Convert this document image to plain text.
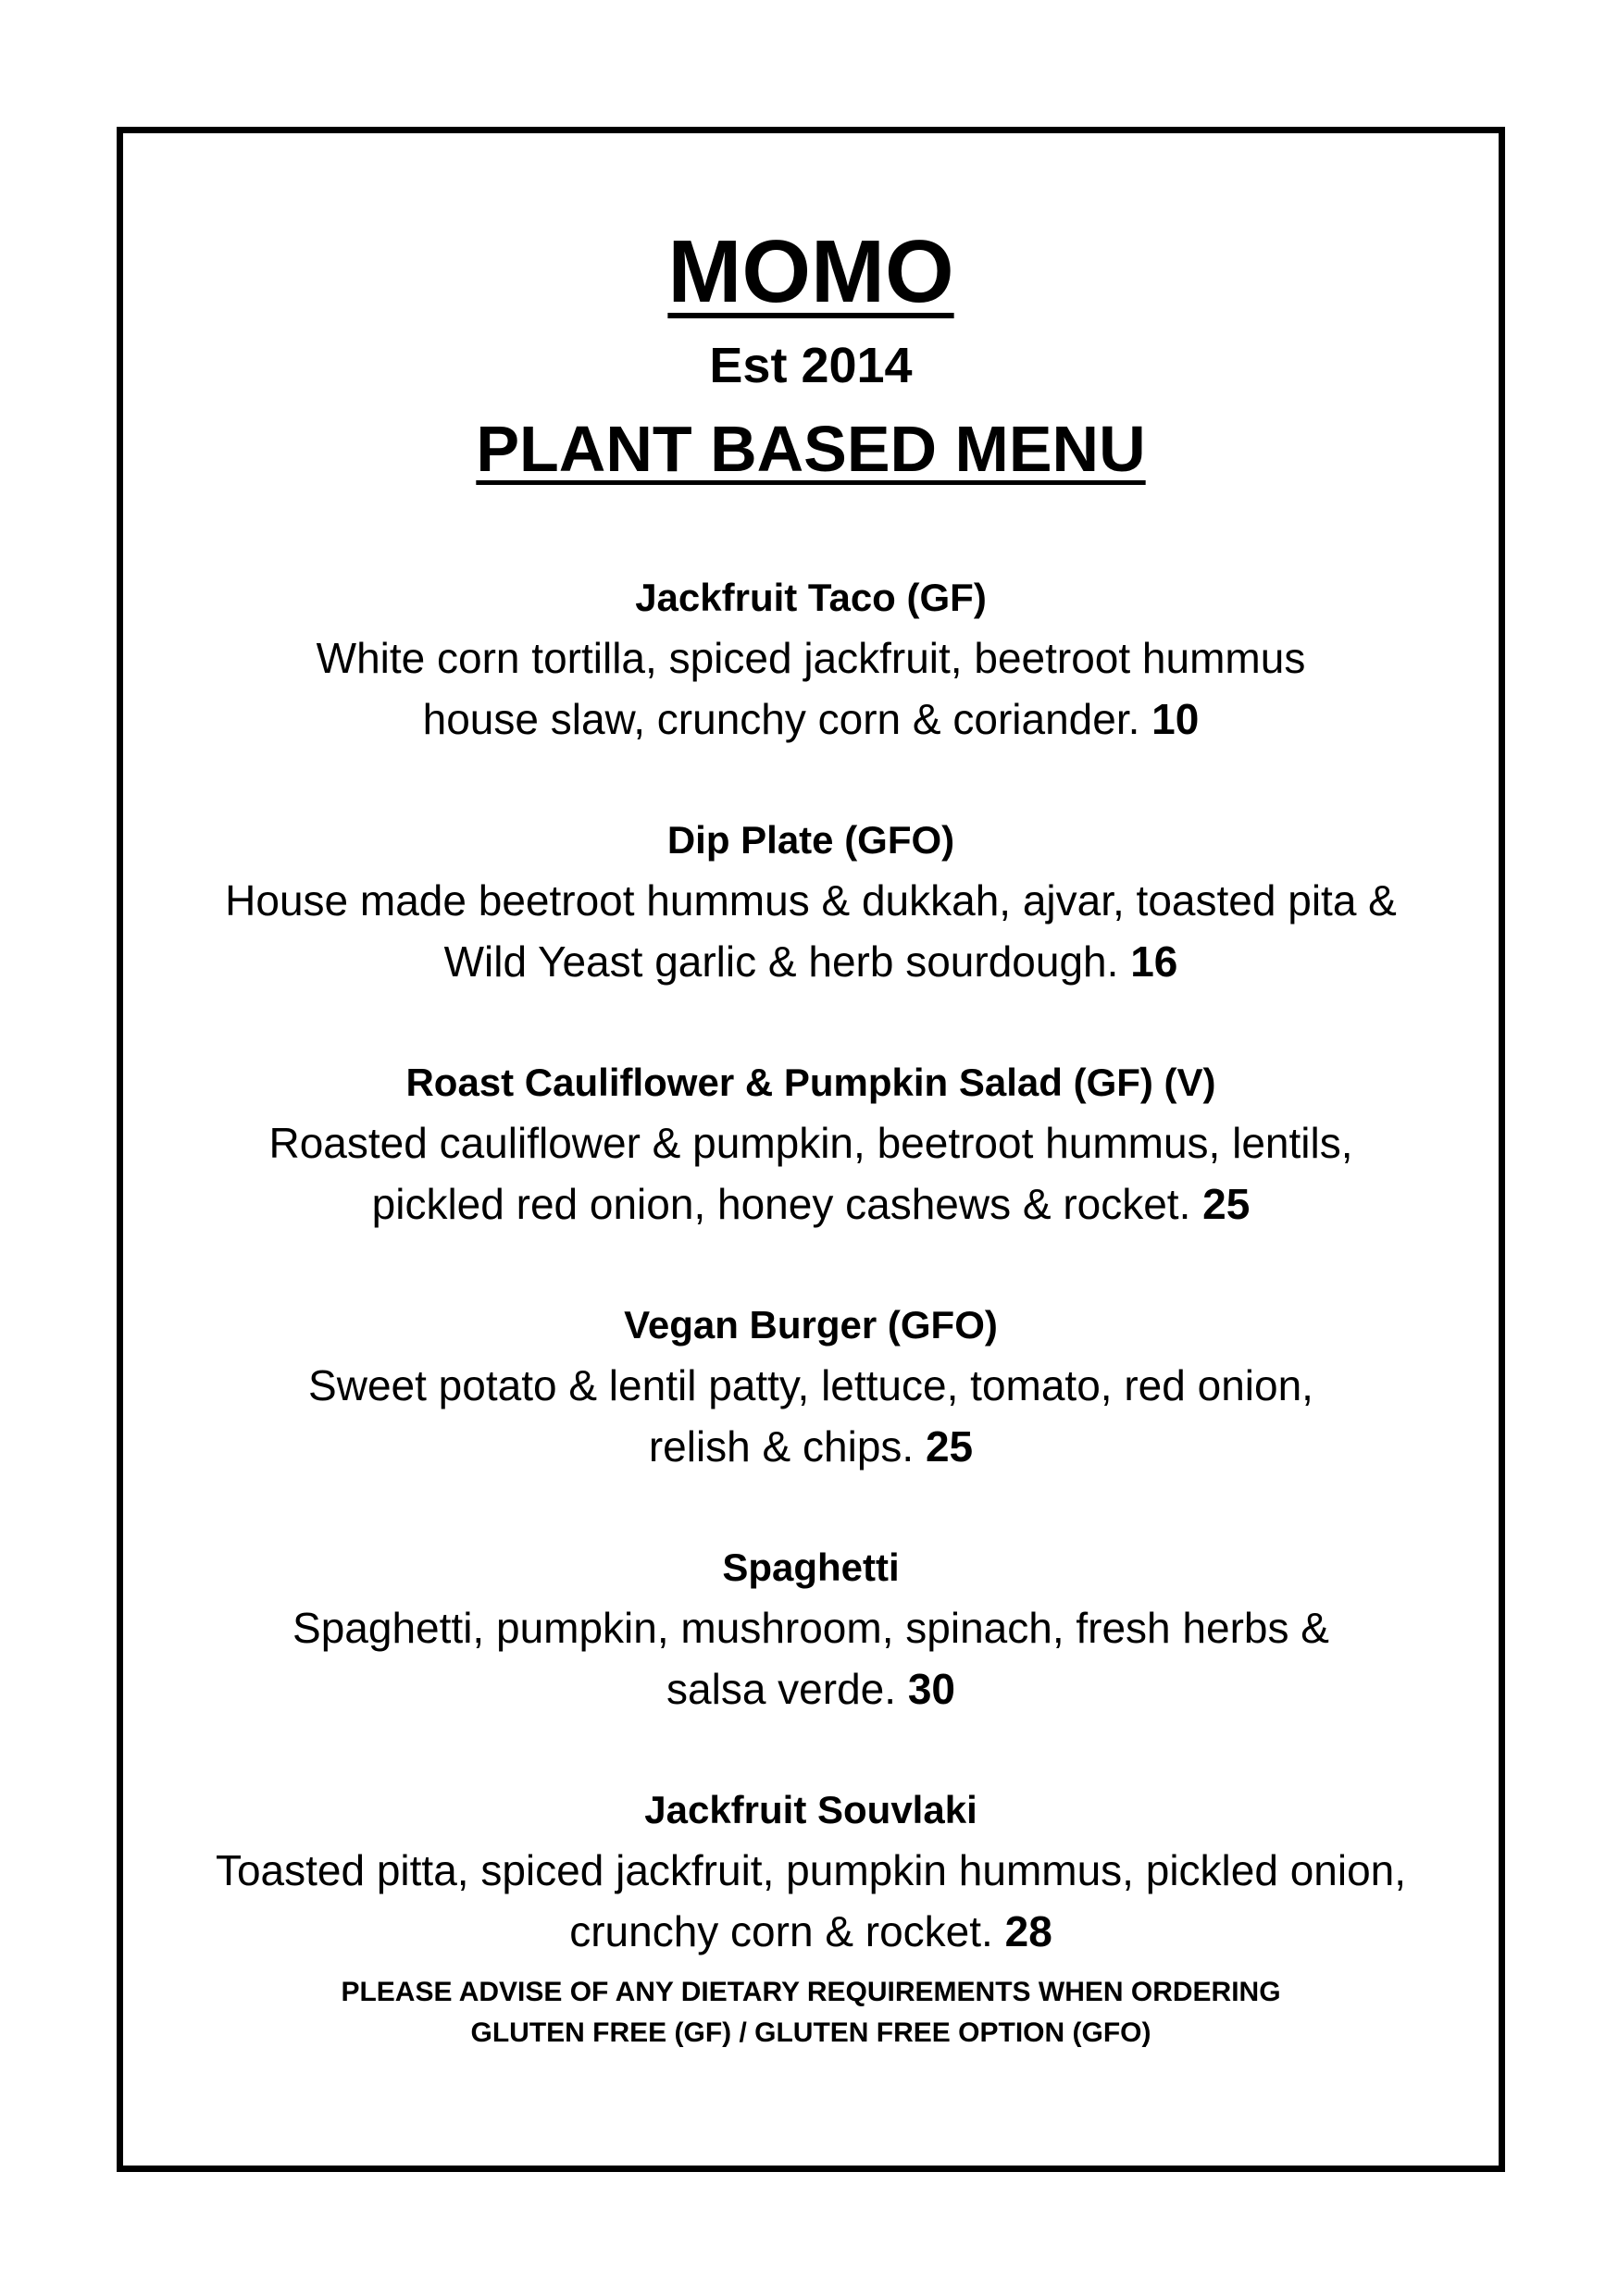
MOMO
Est 2014
PLANT BASED MENU
Jackfruit Taco (GF)
White corn tortilla, spiced jackfruit, beetroot hummus
house slaw, crunchy corn & coriander. 10
Dip Plate (GFO)
House made beetroot hummus & dukkah, ajvar, toasted pita &
Wild Yeast garlic & herb sourdough. 16
Roast Cauliflower & Pumpkin Salad (GF) (V)
Roasted cauliflower & pumpkin, beetroot hummus, lentils,
pickled red onion, honey cashews & rocket. 25
Vegan Burger (GFO)
Sweet potato & lentil patty, lettuce, tomato, red onion,
relish & chips. 25
Spaghetti
Spaghetti, pumpkin, mushroom, spinach, fresh herbs &
salsa verde. 30
Jackfruit Souvlaki
Toasted pitta, spiced jackfruit, pumpkin hummus, pickled onion,
crunchy corn & rocket. 28
PLEASE ADVISE OF ANY DIETARY REQUIREMENTS WHEN ORDERING
GLUTEN FREE (GF) / GLUTEN FREE OPTION (GFO)
